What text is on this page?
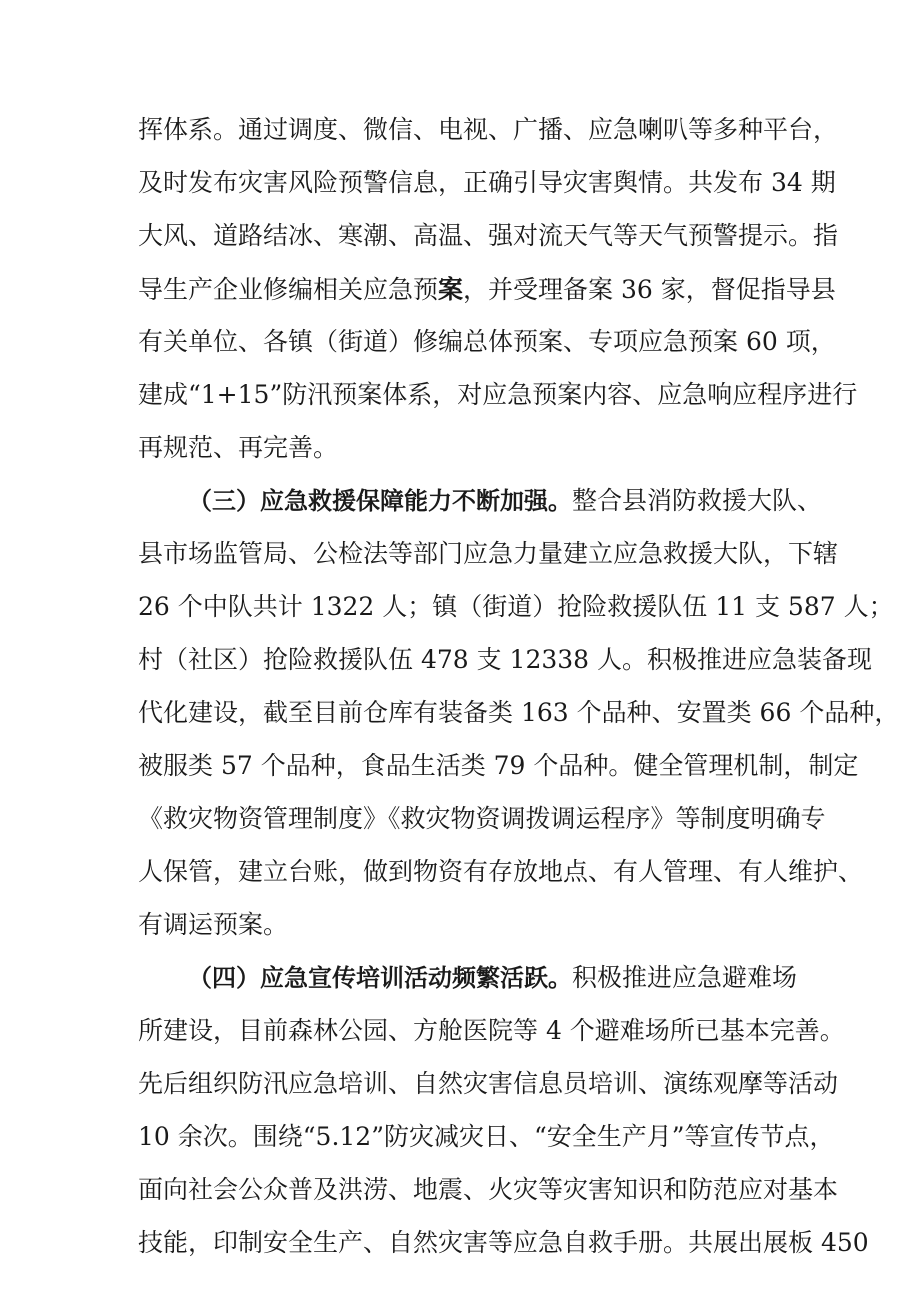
挥体系。通过调度、微信、电视、广播、应急喇叭等多种平台，
及时发布灾害风险预警信息，正确引导灾害舆情。共发布 34 期
大风、道路结冰、寒潮、高温、强对流天气等天气预警提示。指
导生产企业修编相关应急预案，并受理备案 36 家，督促指导县
有关单位、各镇（街道）修编总体预案、专项应急预案 60 项，
建成“1+15”防汛预案体系，对应急预案内容、应急响应程序进行
再规范、再完善。
（三）应急救援保障能力不断加强。整合县消防救援大队、
县市场监管局、公检法等部门应急力量建立应急救援大队，下辖
26 个中队共计 1322 人；镇（街道）抢险救援队伍 11 支 587 人；
村（社区）抢险救援队伍 478 支 12338 人。积极推进应急装备现
代化建设，截至目前仓库有装备类 163 个品种、安置类 66 个品种，
被服类 57 个品种，食品生活类 79 个品种。健全管理机制，制定
《救灾物资管理制度》《救灾物资调拨调运程序》等制度明确专
人保管，建立台账，做到物资有存放地点、有人管理、有人维护、
有调运预案。
（四）应急宣传培训活动频繁活跃。积极推进应急避难场
所建设，目前森林公园、方舱医院等 4 个避难场所已基本完善。
先后组织防汛应急培训、自然灾害信息员培训、演练观摩等活动
10 余次。围绕“5.12”防灾减灾日、“安全生产月”等宣传节点，
面向社会公众普及洪涝、地震、火灾等灾害知识和防范应对基本
技能，印制安全生产、自然灾害等应急自救手册。共展出展板 450
